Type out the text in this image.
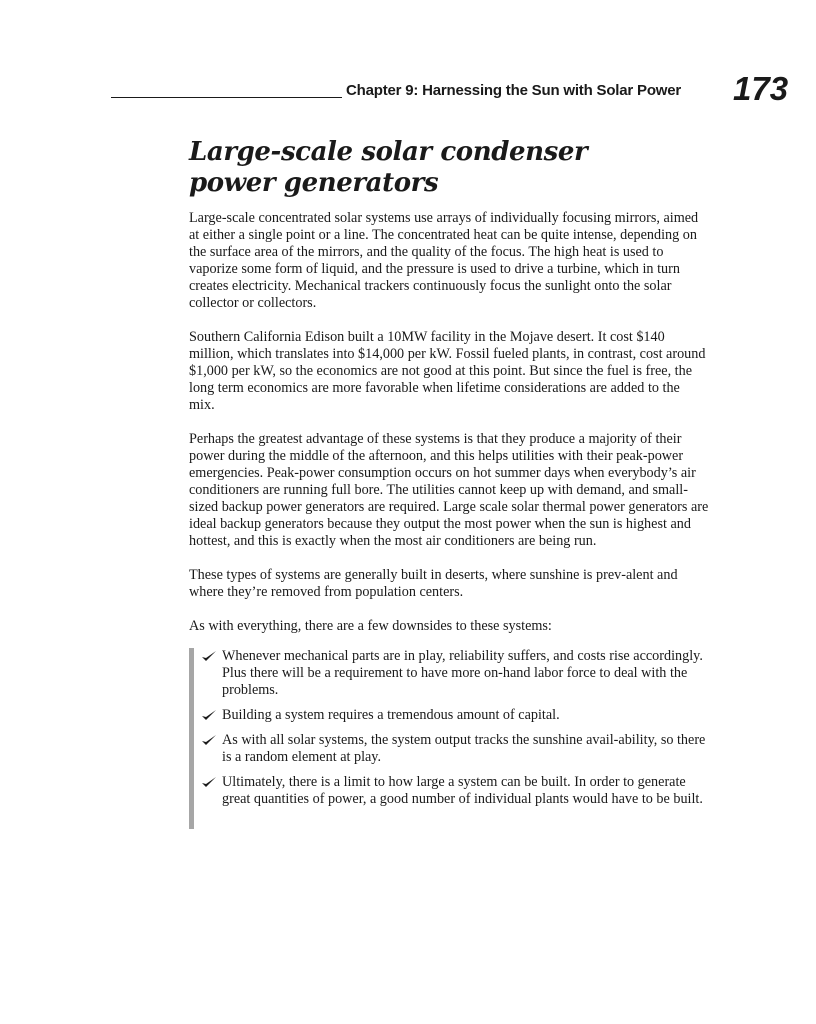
Chapter 9: Harnessing the Sun with Solar Power 173
Large-scale solar condenser
power generators

Large-scale concentrated solar systems use arrays of individually focusing mirrors, aimed at either a single point or a line. The concentrated heat can be quite intense, depending on the surface area of the mirrors, and the quality of the focus. The high heat is used to vaporize some form of liquid, and the pressure is used to drive a turbine, which in turn creates electricity. Mechanical trackers continuously focus the sunlight onto the solar collector or collectors.

Southern California Edison built a 10MW facility in the Mojave desert. It cost $140 million, which translates into $14,000 per kW. Fossil fueled plants, in contrast, cost around $1,000 per kW, so the economics are not good at this point. But since the fuel is free, the long term economics are more favorable when lifetime considerations are added to the mix.

Perhaps the greatest advantage of these systems is that they produce a majority of their power during the middle of the afternoon, and this helps utilities with their peak-power emergencies. Peak-power consumption occurs on hot summer days when everybody’s air conditioners are running full bore. The utilities cannot keep up with demand, and small-sized backup power generators are required. Large scale solar thermal power generators are ideal backup generators because they output the most power when the sun is highest and hottest, and this is exactly when the most air conditioners are being run.

These types of systems are generally built in deserts, where sunshine is prev-alent and where they’re removed from population centers.

As with everything, there are a few downsides to these systems:

Whenever mechanical parts are in play, reliability suffers, and costs rise accordingly. Plus there will be a requirement to have more on-hand labor force to deal with the problems.
Building a system requires a tremendous amount of capital.
As with all solar systems, the system output tracks the sunshine avail-ability, so there is a random element at play.
Ultimately, there is a limit to how large a system can be built. In order to generate great quantities of power, a good number of individual plants would have to be built.
